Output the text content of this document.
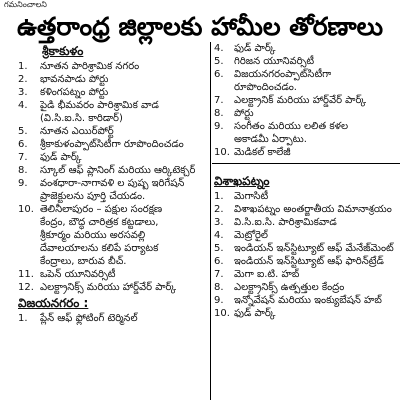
గమనించాలని
ఉత్తరాంధ్ర జిల్లాలకు హామీల తోరణాలు
శ్రీకాకుళం
1.	నూతన పారిశ్రామిక నగరం
2.	భావనపాడు పోర్టు
3.	కళింగపట్నం పోర్టు
4.	పైడి భీమవరం పారిశ్రామిక వాడ
(వి.సి.ఐ.సి. కారిడార్)
5.	నూతన ఎయిర్‌పోర్ట్
6.	శ్రీకాకుళంప్పాట్‌సిటీగా రూపొందించడం
7.	ఫుడ్ పార్క్
8.	స్కూల్ ఆఫ్ ప్లానింగ్ మరియు ఆర్కిటెక్చర్
9.	వంశధారా-నాగావళి ల పుష్ప ఇరిగేషన్
ప్రాజెక్టులను పూర్తి చేయడం.
10. తెలినీలాపురం – పక్షుల సంరక్షణ
కేంద్రం, బౌద్ధ చారిత్రక కట్టడాలు,
శ్రీకూర్మం మరియు అరసవల్లి
దేవాలయాలను కలిపే పర్యాటక
కేంద్రాలు, బారువ బీచ్.
11. ఒపెన్ యూనివర్సిటీ
12. ఎలక్ట్రానిక్స్ మరియు హార్డ్‌వేర్ పార్క్
విజయనగరం :
1.	ప్లేన్ ఆఫ్ ఫ్లోటింగ్ టెర్మినల్
4.	ఫుడ్ పార్క్
5.	గిరిజన యూనివర్సిటీ
6.	విజయనగరంప్పాట్‌సిటీగా
రూపొందించడం.
7.	ఎలక్ట్రానిక్ మరియు హార్డ్‌వేర్ పార్క్
8.	పోర్టు
9.	సంగీతం మరియు లలిత కళల
అకాడమీ ఏర్పాటు.
10. మెడికల్ కాలేజీ
విశాఖపట్నం
1.	మెగాసిటీ
2.	విశాఖపట్నం అంతర్జాతీయ విమానాశ్రయం
3.	వి.సి.ఐ.సి. పారిశ్రామికవాడ
4.	మెట్రోరైల్
5.	ఇండియన్ ఇన్‌స్టిట్యూట్ ఆఫ్ మేనేజ్‌మెంట్
6.	ఇండియన్ ఇన్‌స్టిట్యూట్ ఆఫ్ ఫారిన్‌ట్రేడ్
7.	మెగా ఐ.టి. హబ్
8.	ఎలక్ట్రానిక్స్ ఉత్పత్తుల కేంద్రం
9.	ఇన్నోవేషన్ మరియు ఇంక్యుబేషన్ హబ్
10. ఫుడ్ పార్క్
